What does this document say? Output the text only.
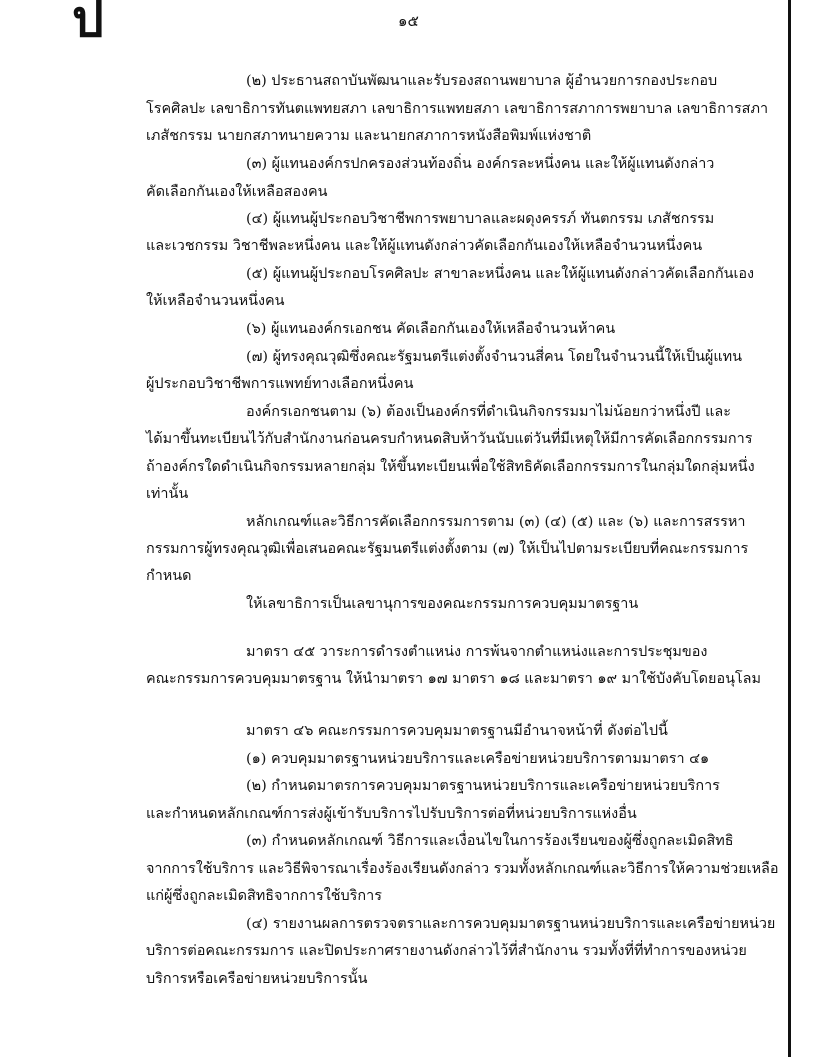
ป	๑๕
(๒) ประธานสถาบันพัฒนาและรับรองสถานพยาบาล ผู้อำนวยการกองประกอบ
โรคศิลปะ เลขาธิการทันตแพทยสภา เลขาธิการแพทยสภา เลขาธิการสภาการพยาบาล เลขาธิการสภา
เภสัชกรรม นายกสภาทนายความ และนายกสภาการหนังสือพิมพ์แห่งชาติ
(๓) ผู้แทนองค์กรปกครองส่วนท้องถิ่น องค์กรละหนึ่งคน และให้ผู้แทนดังกล่าว
คัดเลือกกันเองให้เหลือสองคน
(๔) ผู้แทนผู้ประกอบวิชาชีพการพยาบาลและผดุงครรภ์ ทันตกรรม เภสัชกรรม
และเวชกรรม วิชาชีพละหนึ่งคน และให้ผู้แทนดังกล่าวคัดเลือกกันเองให้เหลือจำนวนหนึ่งคน
(๕) ผู้แทนผู้ประกอบโรคศิลปะ สาขาละหนึ่งคน และให้ผู้แทนดังกล่าวคัดเลือกกันเอง
ให้เหลือจำนวนหนึ่งคน
(๖) ผู้แทนองค์กรเอกชน คัดเลือกกันเองให้เหลือจำนวนห้าคน
(๗) ผู้ทรงคุณวุฒิซึ่งคณะรัฐมนตรีแต่งตั้งจำนวนสี่คน โดยในจำนวนนี้ให้เป็นผู้แทน
ผู้ประกอบวิชาชีพการแพทย์ทางเลือกหนึ่งคน
องค์กรเอกชนตาม (๖) ต้องเป็นองค์กรที่ดำเนินกิจกรรมมาไม่น้อยกว่าหนึ่งปี และ
ได้มาขึ้นทะเบียนไว้กับสำนักงานก่อนครบกำหนดสิบห้าวันนับแต่วันที่มีเหตุให้มีการคัดเลือกกรรมการ
ถ้าองค์กรใดดำเนินกิจกรรมหลายกลุ่ม ให้ขึ้นทะเบียนเพื่อใช้สิทธิคัดเลือกกรรมการในกลุ่มใดกลุ่มหนึ่ง
เท่านั้น
หลักเกณฑ์และวิธีการคัดเลือกกรรมการตาม (๓) (๔) (๕) และ (๖) และการสรรหา
กรรมการผู้ทรงคุณวุฒิเพื่อเสนอคณะรัฐมนตรีแต่งตั้งตาม (๗) ให้เป็นไปตามระเบียบที่คณะกรรมการ
กำหนด
ให้เลขาธิการเป็นเลขานุการของคณะกรรมการควบคุมมาตรฐาน
มาตรา ๔๕ วาระการดำรงตำแหน่ง การพ้นจากตำแหน่งและการประชุมของ
คณะกรรมการควบคุมมาตรฐาน ให้นำมาตรา ๑๗ มาตรา ๑๘ และมาตรา ๑๙ มาใช้บังคับโดยอนุโลม
มาตรา ๔๖ คณะกรรมการควบคุมมาตรฐานมีอำนาจหน้าที่ ดังต่อไปนี้
(๑) ควบคุมมาตรฐานหน่วยบริการและเครือข่ายหน่วยบริการตามมาตรา ๔๑
(๒) กำหนดมาตรการควบคุมมาตรฐานหน่วยบริการและเครือข่ายหน่วยบริการ
และกำหนดหลักเกณฑ์การส่งผู้เข้ารับบริการไปรับบริการต่อที่หน่วยบริการแห่งอื่น
(๓) กำหนดหลักเกณฑ์ วิธีการและเงื่อนไขในการร้องเรียนของผู้ซึ่งถูกละเมิดสิทธิ
จากการใช้บริการ และวิธีพิจารณาเรื่องร้องเรียนดังกล่าว รวมทั้งหลักเกณฑ์และวิธีการให้ความช่วยเหลือ
แก่ผู้ซึ่งถูกละเมิดสิทธิจากการใช้บริการ
(๔) รายงานผลการตรวจตราและการควบคุมมาตรฐานหน่วยบริการและเครือข่ายหน่วย
บริการต่อคณะกรรมการ และปิดประกาศรายงานดังกล่าวไว้ที่สำนักงาน รวมทั้งที่ที่ทำการของหน่วย
บริการหรือเครือข่ายหน่วยบริการนั้น
